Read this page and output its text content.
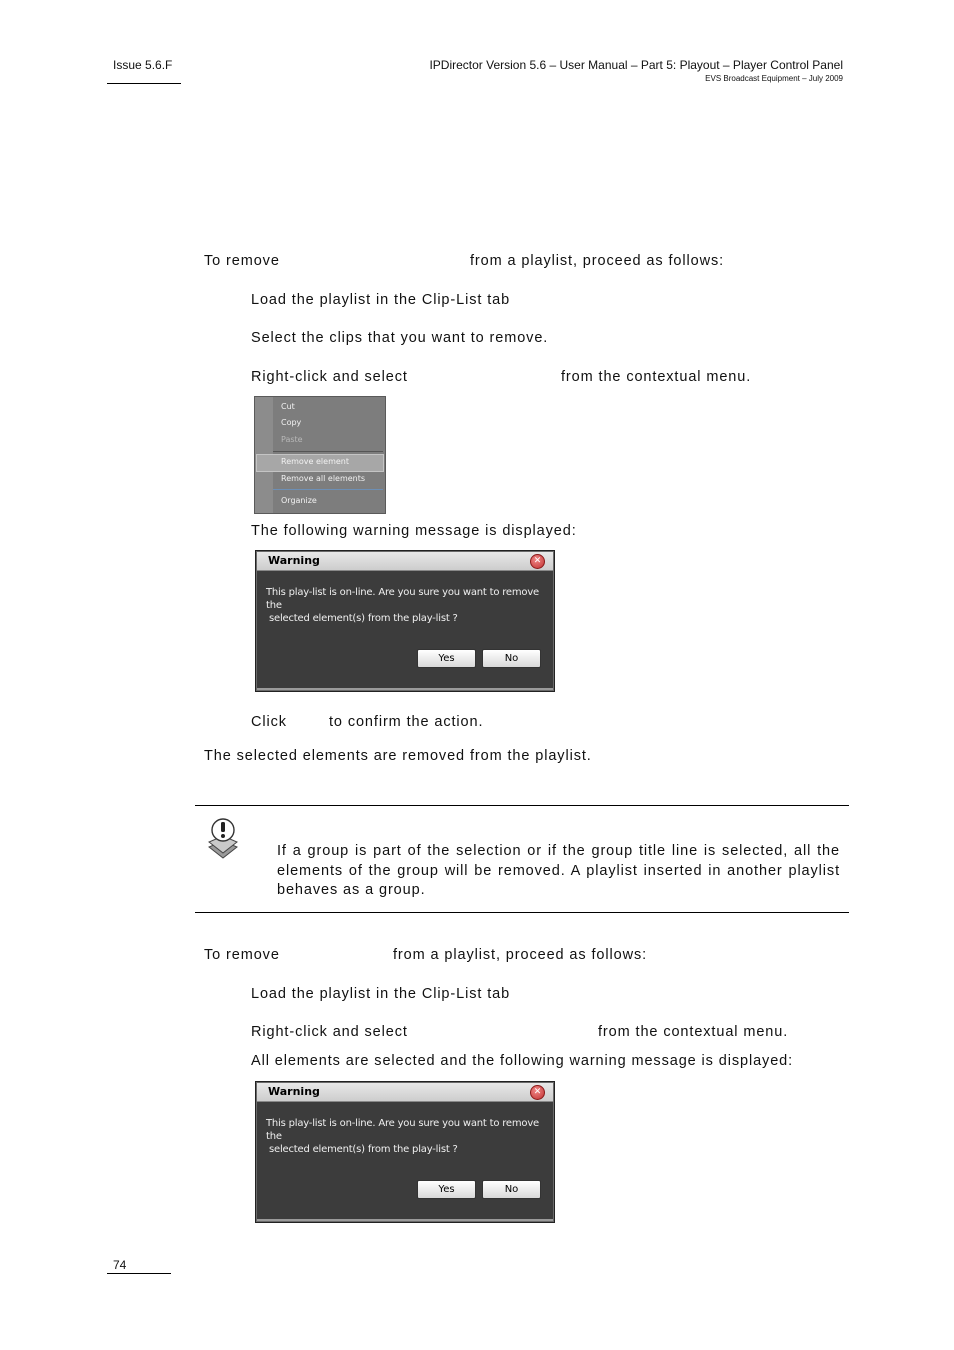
Issue 5.6.F	IPDirector Version 5.6 – User Manual – Part 5: Playout – Player Control Panel
EVS Broadcast Equipment – July 2009
To remove	from a playlist, proceed as follows:
Load the playlist in the Clip-List tab
Select the clips that you want to remove.
Right-click and select	from the contextual menu.
Cut
Copy
Paste
Remove element
Remove all elements
Organize
The following warning message is displayed:
Warning	✕
This play-list is on-line. Are you sure you want to remove the
selected element(s) from the play-list ?
Yes	No
Click	to confirm the action.
The selected elements are removed from the playlist.
If a group is part of the selection or if the group title line is selected, all the elements of the group will be removed. A playlist inserted in another playlist behaves as a group.
To remove	from a playlist, proceed as follows:
Load the playlist in the Clip-List tab
Right-click and select	from the contextual menu.
All elements are selected and the following warning message is displayed:
Warning	✕
This play-list is on-line. Are you sure you want to remove the
selected element(s) from the play-list ?
Yes	No
74
